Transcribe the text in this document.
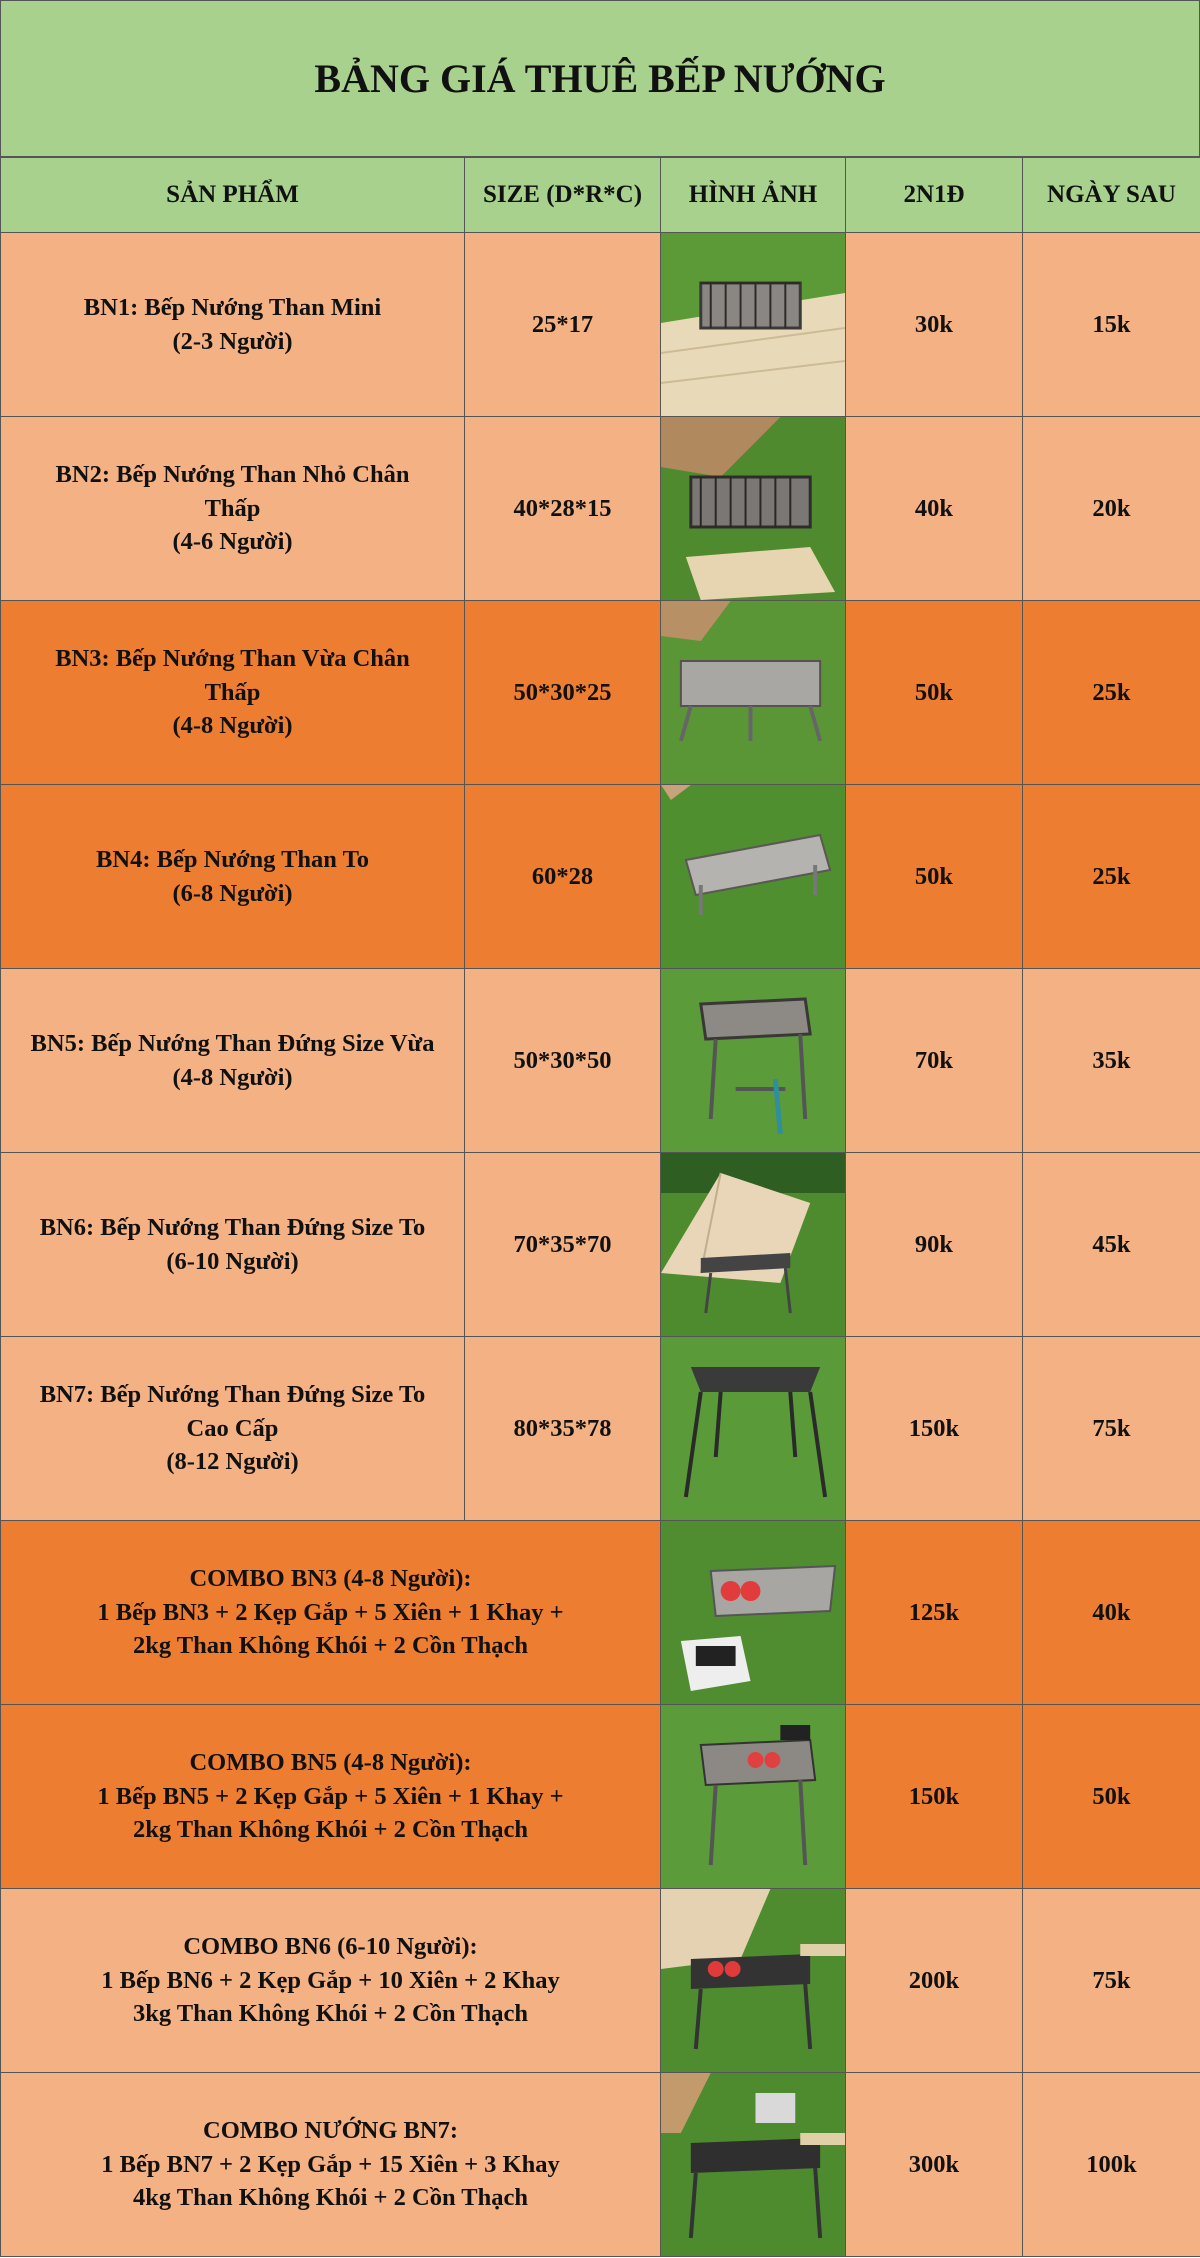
BẢNG GIÁ THUÊ BẾP NƯỚNG
SẢN PHẨM	SIZE (D*R*C)	HÌNH ẢNH	2N1Đ	NGÀY SAU

BN1: Bếp Nướng Than Mini
(2-3 Người)	25*17		30k	15k

BN2: Bếp Nướng Than Nhỏ Chân
Thấp
(4-6 Người)	40*28*15		40k	20k

BN3: Bếp Nướng Than Vừa Chân
Thấp
(4-8 Người)	50*30*25		50k	25k

BN4: Bếp Nướng Than To
(6-8 Người)	60*28		50k	25k

BN5: Bếp Nướng Than Đứng Size Vừa
(4-8 Người)	50*30*50		70k	35k

BN6: Bếp Nướng Than Đứng Size To
(6-10 Người)	70*35*70		90k	45k

BN7: Bếp Nướng Than Đứng Size To
Cao Cấp
(8-12 Người)	80*35*78		150k	75k

COMBO BN3 (4-8 Người):
1 Bếp BN3 + 2 Kẹp Gắp + 5 Xiên + 1 Khay +
2kg Than Không Khói + 2 Cồn Thạch			125k	40k

COMBO BN5 (4-8 Người):
1 Bếp BN5 + 2 Kẹp Gắp + 5 Xiên + 1 Khay +
2kg Than Không Khói + 2 Cồn Thạch			150k	50k

COMBO BN6 (6-10 Người):
1 Bếp BN6 + 2 Kẹp Gắp + 10 Xiên + 2 Khay
3kg Than Không Khói + 2 Cồn Thạch			200k	75k

COMBO NƯỚNG BN7:
1 Bếp BN7 + 2 Kẹp Gắp + 15 Xiên + 3 Khay
4kg Than Không Khói + 2 Cồn Thạch			300k	100k
